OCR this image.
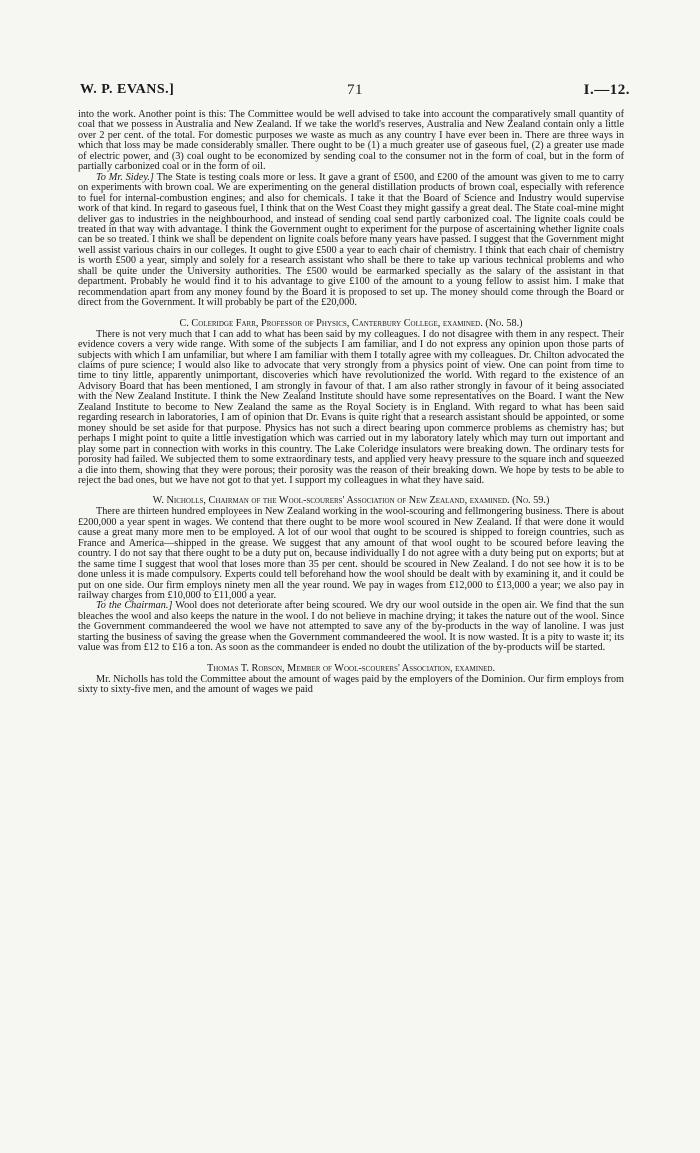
W. P. EVANS.]	71	I.—12.

into the work. Another point is this: The Committee would be well advised to take into account the comparatively small quantity of coal that we possess in Australia and New Zealand. If we take the world's reserves, Australia and New Zealand contain only a little over 2 per cent. of the total. For domestic purposes we waste as much as any country I have ever been in. There are three ways in which that loss may be made considerably smaller. There ought to be (1) a much greater use of gaseous fuel, (2) a greater use made of electric power, and (3) coal ought to be economized by sending coal to the consumer not in the form of coal, but in the form of partially carbonized coal or in the form of oil.

To Mr. Sidey.] The State is testing coals more or less. It gave a grant of £500, and £200 of the amount was given to me to carry on experiments with brown coal. We are experimenting on the general distillation products of brown coal, especially with reference to fuel for internal-combustion engines; and also for chemicals. I take it that the Board of Science and Industry would supervise work of that kind. In regard to gaseous fuel, I think that on the West Coast they might gassify a great deal. The State coal-mine might deliver gas to industries in the neighbourhood, and instead of sending coal send partly carbonized coal. The lignite coals could be treated in that way with advantage. I think the Government ought to experiment for the purpose of ascertaining whether lignite coals can be so treated. I think we shall be dependent on lignite coals before many years have passed. I suggest that the Government might well assist various chairs in our colleges. It ought to give £500 a year to each chair of chemistry. I think that each chair of chemistry is worth £500 a year, simply and solely for a research assistant who shall be there to take up various technical problems and who shall be quite under the University authorities. The £500 would be earmarked specially as the salary of the assistant in that department. Probably he would find it to his advantage to give £100 of the amount to a young fellow to assist him. I make that recommendation apart from any money found by the Board it is proposed to set up. The money should come through the Board or direct from the Government. It will probably be part of the £20,000.

C. Coleridge Farr, Professor of Physics, Canterbury College, examined. (No. 58.)

There is not very much that I can add to what has been said by my colleagues. I do not disagree with them in any respect. Their evidence covers a very wide range. With some of the subjects I am familiar, and I do not express any opinion upon those parts of subjects with which I am unfamiliar, but where I am familiar with them I totally agree with my colleagues. Dr. Chilton advocated the claims of pure science; I would also like to advocate that very strongly from a physics point of view. One can point from time to time to tiny little, apparently unimportant, discoveries which have revolutionized the world. With regard to the existence of an Advisory Board that has been mentioned, I am strongly in favour of that. I am also rather strongly in favour of it being associated with the New Zealand Institute. I think the New Zealand Institute should have some representatives on the Board. I want the New Zealand Institute to become to New Zealand the same as the Royal Society is in England. With regard to what has been said regarding research in laboratories, I am of opinion that Dr. Evans is quite right that a research assistant should be appointed, or some money should be set aside for that purpose. Physics has not such a direct bearing upon commerce problems as chemistry has; but perhaps I might point to quite a little investigation which was carried out in my laboratory lately which may turn out important and play some part in connection with works in this country. The Lake Coleridge insulators were breaking down. The ordinary tests for porosity had failed. We subjected them to some extraordinary tests, and applied very heavy pressure to the square inch and squeezed a die into them, showing that they were porous; their porosity was the reason of their breaking down. We hope by tests to be able to reject the bad ones, but we have not got to that yet. I support my colleagues in what they have said.

W. Nicholls, Chairman of the Wool-scourers' Association of New Zealand, examined. (No. 59.)

There are thirteen hundred employees in New Zealand working in the wool-scouring and fellmongering business. There is about £200,000 a year spent in wages. We contend that there ought to be more wool scoured in New Zealand. If that were done it would cause a great many more men to be employed. A lot of our wool that ought to be scoured is shipped to foreign countries, such as France and America—shipped in the grease. We suggest that any amount of that wool ought to be scoured before leaving the country. I do not say that there ought to be a duty put on, because individually I do not agree with a duty being put on exports; but at the same time I suggest that wool that loses more than 35 per cent. should be scoured in New Zealand. I do not see how it is to be done unless it is made compulsory. Experts could tell beforehand how the wool should be dealt with by examining it, and it could be put on one side. Our firm employs ninety men all the year round. We pay in wages from £12,000 to £13,000 a year; we also pay in railway charges from £10,000 to £11,000 a year.

To the Chairman.] Wool does not deteriorate after being scoured. We dry our wool outside in the open air. We find that the sun bleaches the wool and also keeps the nature in the wool. I do not believe in machine drying; it takes the nature out of the wool. Since the Government commandeered the wool we have not attempted to save any of the by-products in the way of lanoline. I was just starting the business of saving the grease when the Government commandeered the wool. It is now wasted. It is a pity to waste it; its value was from £12 to £16 a ton. As soon as the commandeer is ended no doubt the utilization of the by-products will be started.

Thomas T. Robson, Member of Wool-scourers' Association, examined.

Mr. Nicholls has told the Committee about the amount of wages paid by the employers of the Dominion. Our firm employs from sixty to sixty-five men, and the amount of wages we paid
